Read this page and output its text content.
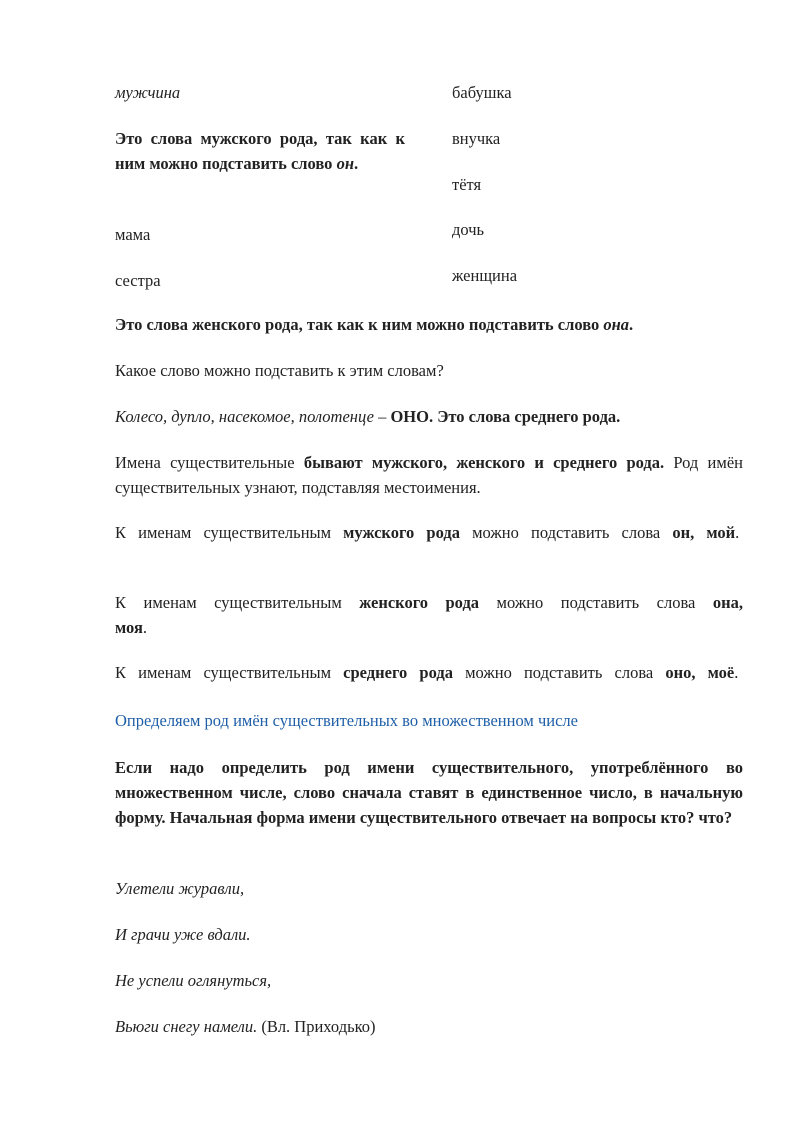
мужчина

Это слова мужского рода, так как к ним можно подставить слово он.

мама

сестра

бабушка

внучка

тётя

дочь

женщина

Это слова женского рода, так как к ним можно подставить слово она.

Какое слово можно подставить к этим словам?

Колесо, дупло, насекомое, полотенце – ОНО. Это слова среднего рода.

Имена существительные бывают мужского, женского и среднего рода. Род имён существительных узнают, подставляя местоимения.

К именам существительным мужского рода можно подставить слова он, мой.

К именам существительным женского рода можно подставить слова она, моя.

К именам существительным среднего рода можно подставить слова оно, моё.

Определяем род имён существительных во множественном числе

Если надо определить род имени существительного, употреблённого во множественном числе, слово сначала ставят в единственное число, в начальную форму. Начальная форма имени существительного отвечает на вопросы кто? что?

Улетели журавли,

И грачи уже вдали.

Не успели оглянуться,

Вьюги снегу намели. (Вл. Приходько)
